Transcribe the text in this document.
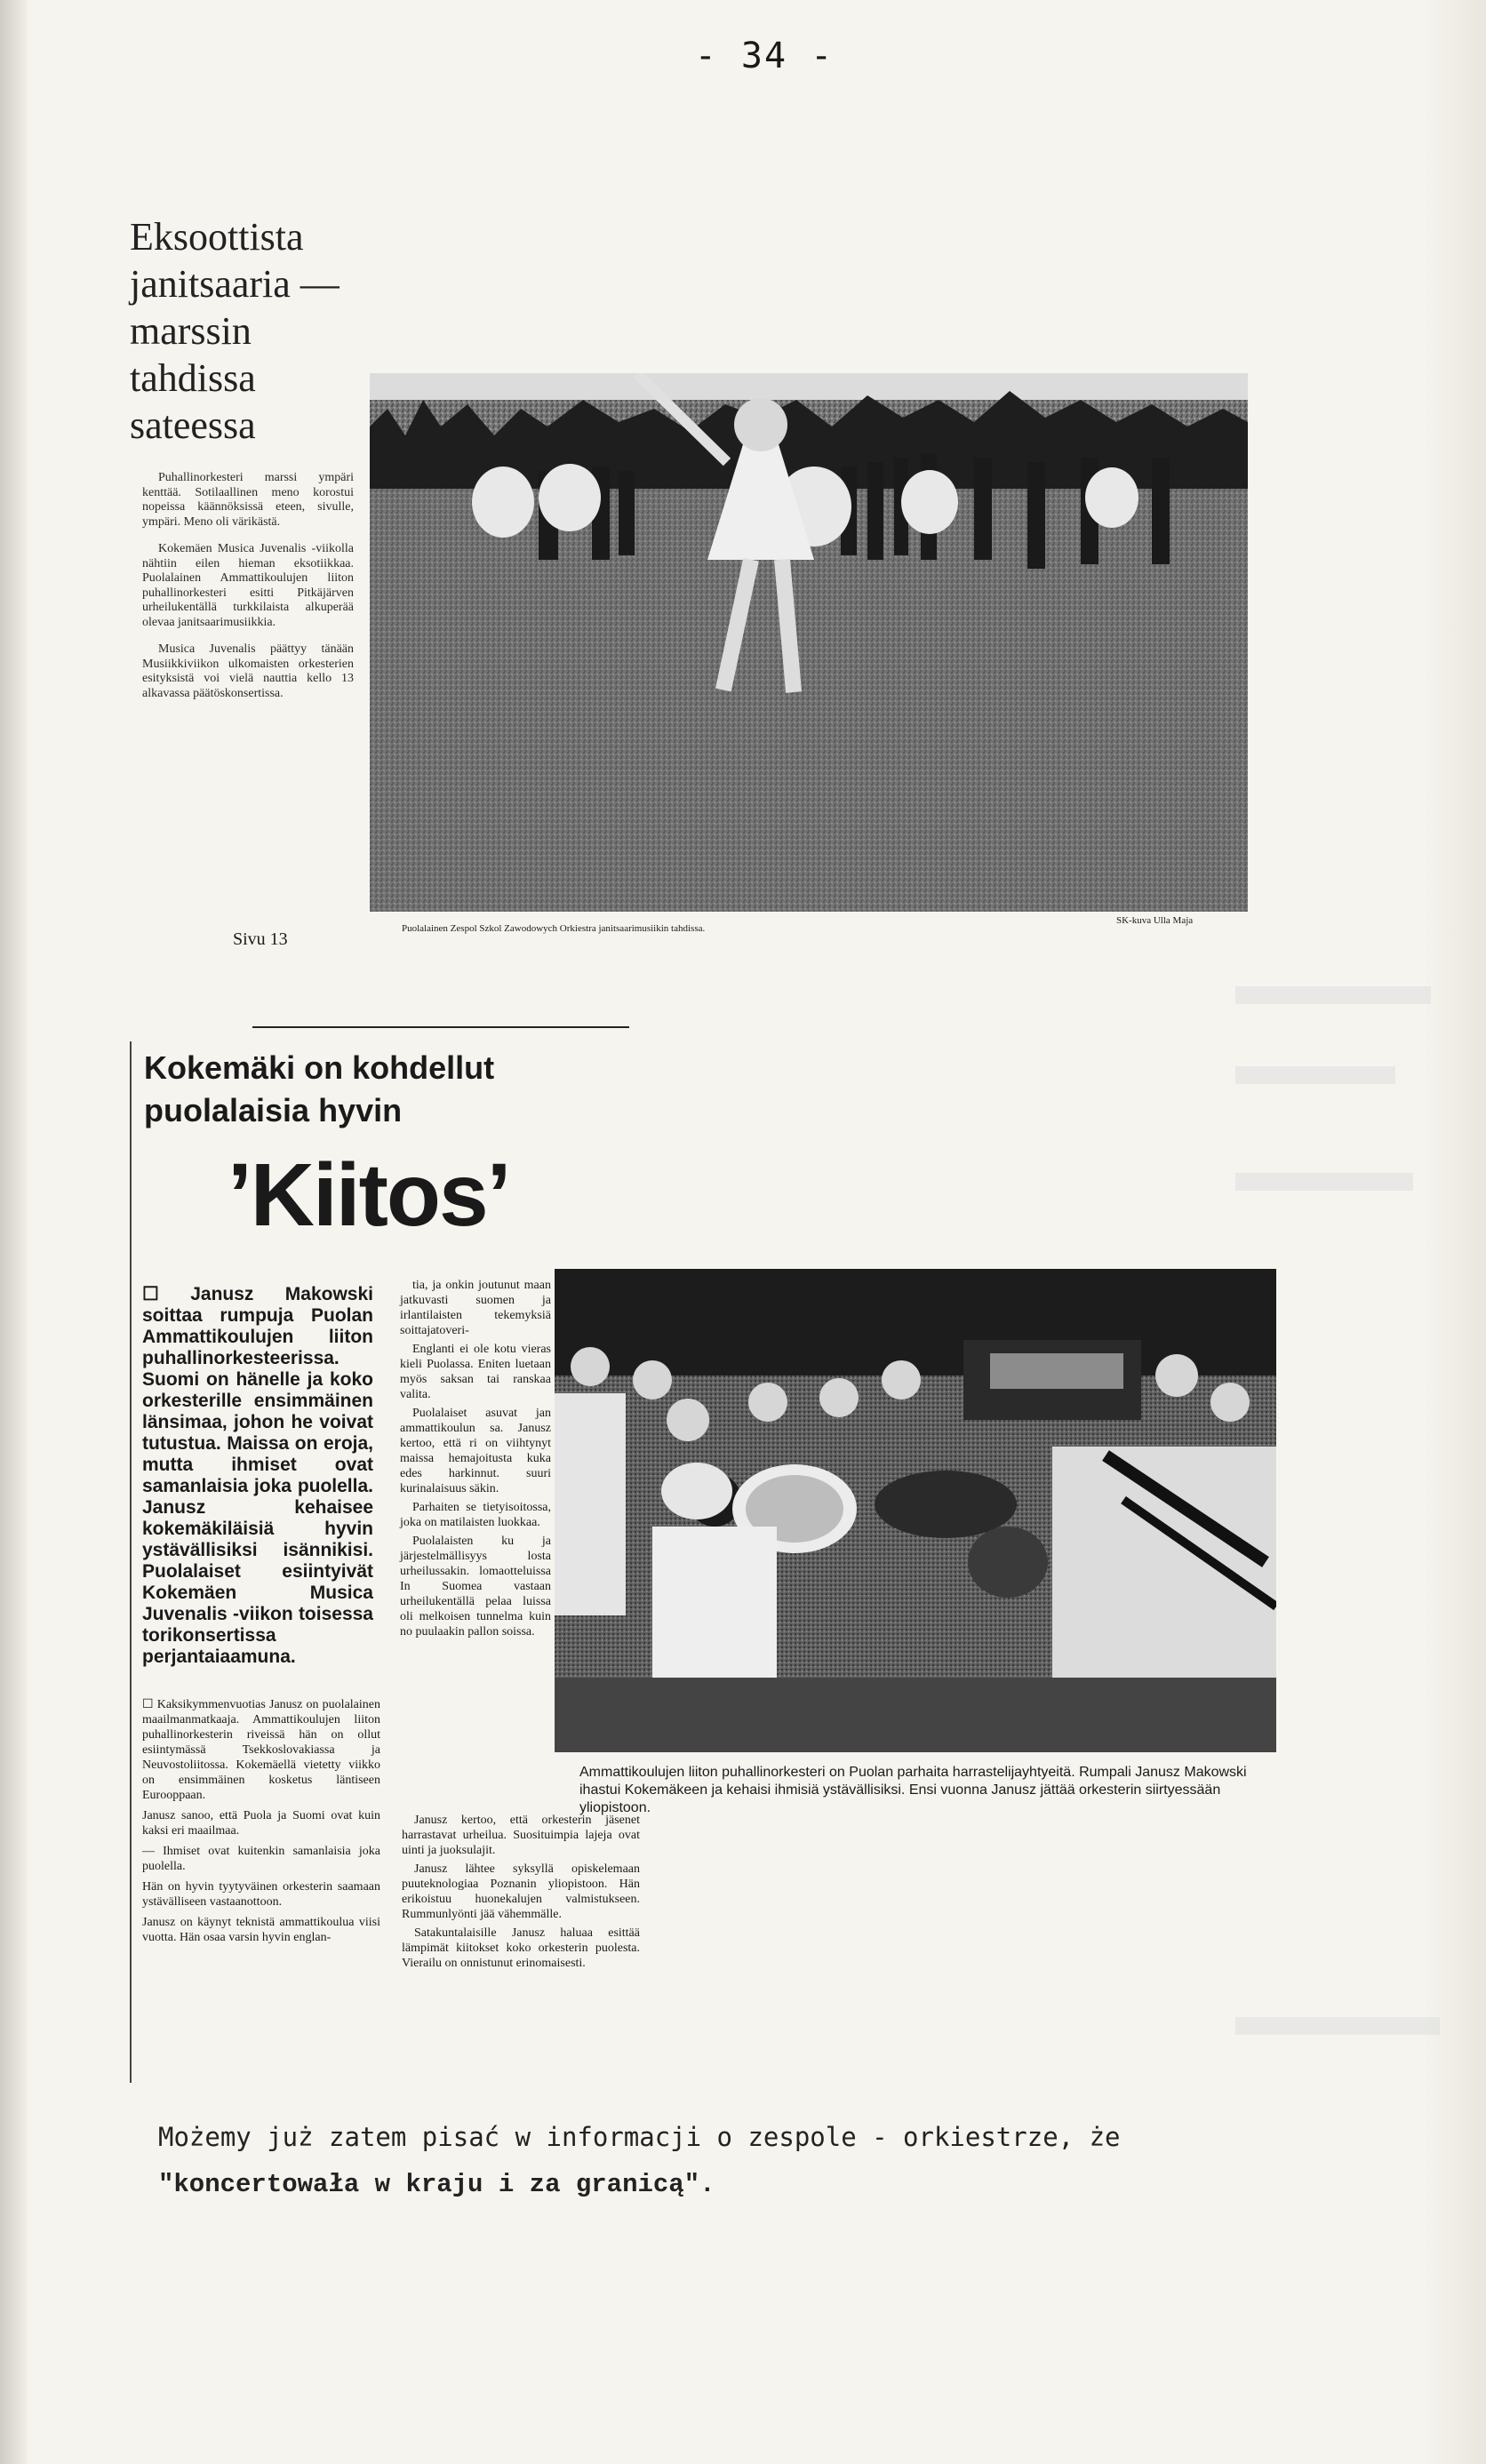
- 34 -
Eksoottista janitsaaria — marssin tahdissa sateessa

Puhallinorkesteri marssi ympäri kenttää. Sotilaallinen meno korostui nopeissa käännöksissä eteen, sivulle, ympäri. Meno oli värikästä.

Kokemäen Musica Juvenalis -viikolla nähtiin eilen hieman eksotiikkaa. Puolalainen Ammattikoulujen liiton puhallinorkesteri esitti Pitkäjärven urheilukentällä turkkilaista alkuperää olevaa janitsaarimusiikkia.

Musica Juvenalis päättyy tänään Musiikkiviikon ulkomaisten orkesterien esityksistä voi vielä nauttia kello 13 alkavassa päätöskonsertissa.

Sivu 13
Puolalainen Zespol Szkol Zawodowych Orkiestra janitsaarimusiikin tahdissa.
SK-kuva Ulla Maja
Kokemäki on kohdellut puolalaisia hyvin
’Kiitos’
☐ Janusz Makowski soittaa rumpuja Puolan Ammattikoulujen liiton puhallinorkesteerissa. Suomi on hänelle ja koko orkesterille ensimmäinen länsimaa, johon he voivat tutustua. Maissa on eroja, mutta ihmiset ovat samanlaisia joka puolella. Janusz kehaisee kokemäkiläisiä hyvin ystävällisiksi isännikisi. Puolalaiset esiintyivät Kokemäen Musica Juvenalis -viikon toisessa torikonsertissa perjantaiaamuna.

☐ Kaksikymmenvuotias Janusz on puolalainen maailmanmatkaaja. Ammattikoulujen liiton puhallinorkesterin riveissä hän on ollut esiintymässä Tsekkoslovakiassa ja Neuvostoliitossa. Kokemäellä vietetty viikko on ensimmäinen kosketus läntiseen Eurooppaan.

Janusz sanoo, että Puola ja Suomi ovat kuin kaksi eri maailmaa.

— Ihmiset ovat kuitenkin samanlaisia joka puolella.

Hän on hyvin tyytyväinen orkesterin saamaan ystävälliseen vastaanottoon.

Janusz on käynyt teknistä ammattikoulua viisi vuotta. Hän osaa varsin hyvin englan-

tia, ja onkin joutunut maan jatkuvasti suomen ja irlantilaisten tekemyksiä soittajatoveri-

Englanti ei ole kotu vieras kieli Puolassa. Eniten luetaan myös saksan tai ranskaa valita.

Puolalaiset asuvat jan ammattikoulun sa. Janusz kertoo, että ri on viihtynyt maissa hemajoitusta kuka edes harkinnut. suuri kurinalaisuus säkin.

Parhaiten se tietyisoitossa, joka on matilaisten luokkaa.

Puolalaisten ku ja järjestelmällisyys losta urheilussakin. lomaotteluissa In Suomea vastaan urheilukentällä pelaa luissa oli melkoisen tunnelma kuin no puulaakin pallon soissa.

Janusz kertoo, että orkesterin jäsenet harrastavat urheilua. Suosituimpia lajeja ovat uinti ja juoksulajit.

Janusz lähtee syksyllä opiskelemaan puuteknologiaa Poznanin yliopistoon. Hän erikoistuu huonekalujen valmistukseen. Rummunlyönti jää vähemmälle.

Satakuntalaisille Janusz haluaa esittää lämpimät kiitokset koko orkesterin puolesta. Vierailu on onnistunut erinomaisesti.

Ammattikoulujen liiton puhallinorkesteri on Puolan parhaita harrastelijayhtyeitä. Rumpali Janusz Makowski ihastui Kokemäkeen ja kehaisi ihmisiä ystävällisiksi. Ensi vuonna Janusz jättää orkesterin siirtyessään yliopistoon.
Możemy już zatem pisać w informacji o zespole - orkiestrze, że
"koncertowała w kraju i za granicą".
